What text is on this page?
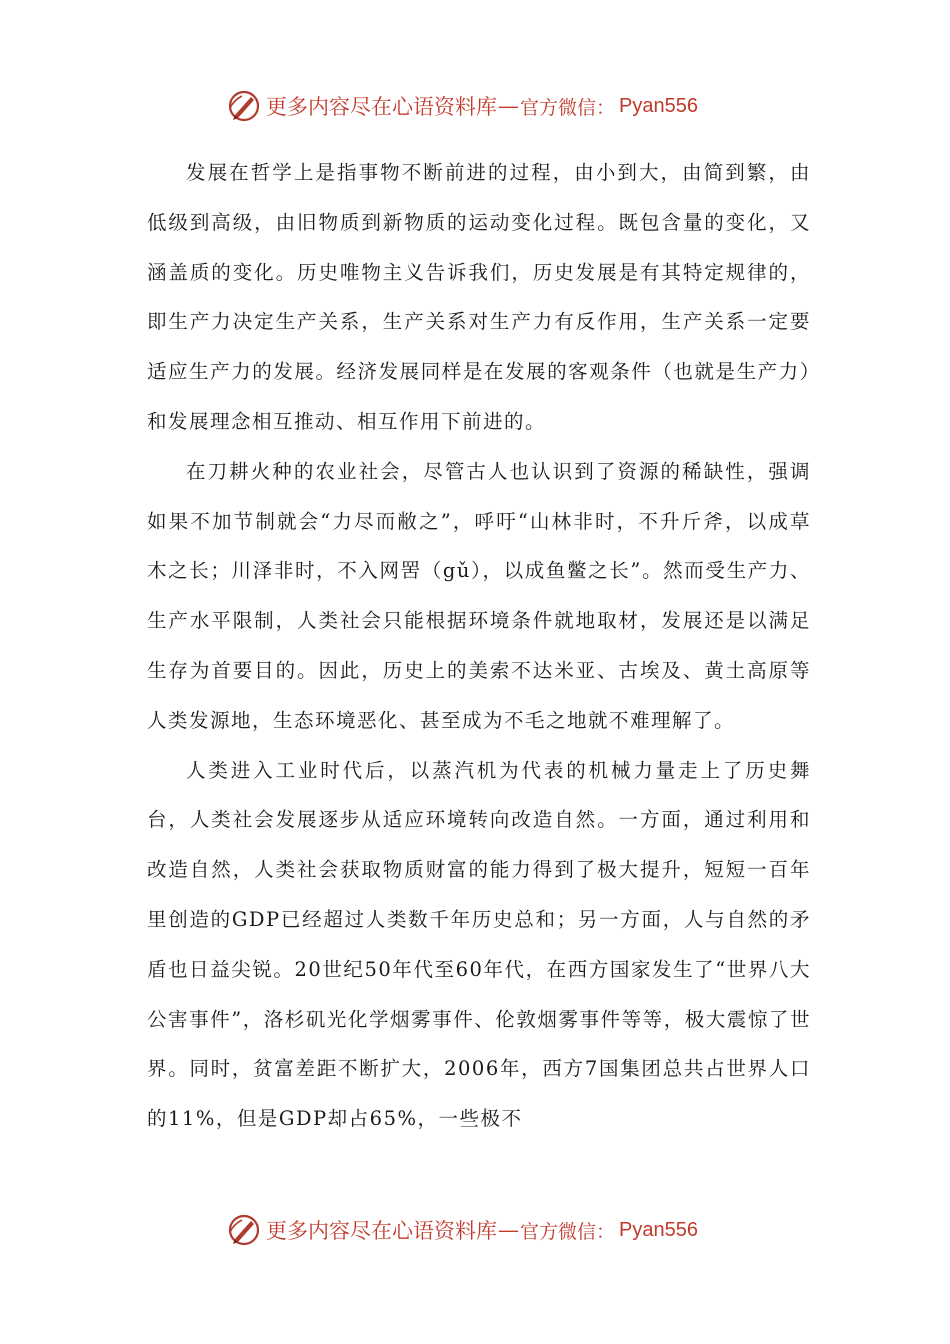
更多内容尽在心语资料库 — 官方微信： Pyan556

发展在哲学上是指事物不断前进的过程，由小到大，由简到繁，由低级到高级，由旧物质到新物质的运动变化过程。既包含量的变化，又涵盖质的变化。历史唯物主义告诉我们，历史发展是有其特定规律的，即生产力决定生产关系，生产关系对生产力有反作用，生产关系一定要适应生产力的发展。经济发展同样是在发展的客观条件（也就是生产力）和发展理念相互推动、相互作用下前进的。

在刀耕火种的农业社会，尽管古人也认识到了资源的稀缺性，强调如果不加节制就会“力尽而敝之”，呼吁“山林非时，不升斤斧，以成草木之长；川泽非时，不入网罟（gǔ），以成鱼鳖之长”。然而受生产力、生产水平限制，人类社会只能根据环境条件就地取材，发展还是以满足生存为首要目的。因此，历史上的美索不达米亚、古埃及、黄土高原等人类发源地，生态环境恶化、甚至成为不毛之地就不难理解了。

人类进入工业时代后，以蒸汽机为代表的机械力量走上了历史舞台，人类社会发展逐步从适应环境转向改造自然。一方面，通过利用和改造自然，人类社会获取物质财富的能力得到了极大提升，短短一百年里创造的GDP已经超过人类数千年历史总和；另一方面，人与自然的矛盾也日益尖锐。20世纪50年代至60年代，在西方国家发生了“世界八大公害事件”，洛杉矶光化学烟雾事件、伦敦烟雾事件等等，极大震惊了世界。同时，贫富差距不断扩大，2006年，西方7国集团总共占世界人口的11%，但是GDP却占65%，一些极不

更多内容尽在心语资料库 — 官方微信： Pyan556
